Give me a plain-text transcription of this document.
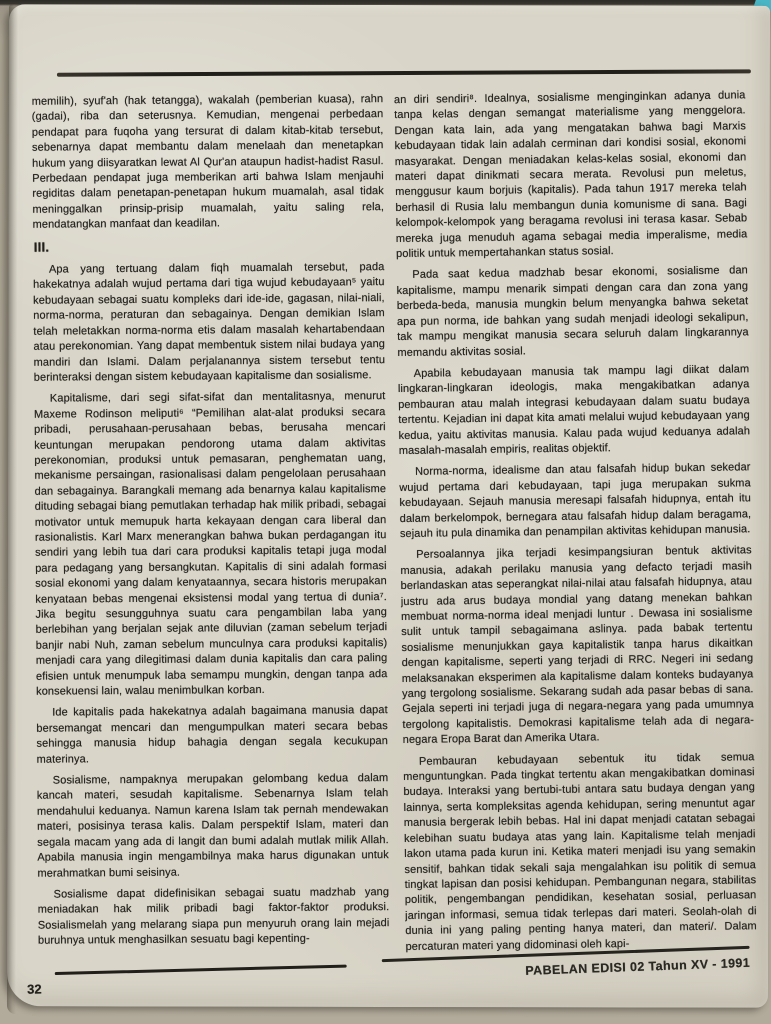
memilih), syuf'ah (hak tetangga), wakalah (pemberian kuasa), rahn (gadai), riba dan seterusnya. Kemudian, mengenai perbedaan pendapat para fuqoha yang tersurat di dalam kitab-kitab tersebut, sebenarnya dapat membantu dalam menelaah dan menetapkan hukum yang diisyaratkan lewat Al Qur'an ataupun hadist-hadist Rasul. Perbedaan pendapat juga memberikan arti bahwa Islam menjauhi regiditas dalam penetapan-penetapan hukum muamalah, asal tidak meninggalkan prinsip-prisip muamalah, yaitu saling rela, mendatangkan manfaat dan keadilan.

III.

Apa yang tertuang dalam fiqh muamalah tersebut, pada hakekatnya adalah wujud pertama dari tiga wujud kebudayaan⁵ yaitu kebudayaan sebagai suatu kompleks dari ide-ide, gagasan, nilai-niali, norma-norma, peraturan dan sebagainya. Dengan demikian Islam telah meletakkan norma-norma etis dalam masalah kehartabendaan atau perekonomian. Yang dapat membentuk sistem nilai budaya yang mandiri dan Islami. Dalam perjalanannya sistem tersebut tentu berinteraksi dengan sistem kebudayaan kapitalisme dan sosialisme.

Kapitalisme, dari segi sifat-sifat dan mentalitasnya, menurut Maxeme Rodinson meliputi⁶ “Pemilihan alat-alat produksi secara pribadi, perusahaan-perusahaan bebas, berusaha mencari keuntungan merupakan pendorong utama dalam aktivitas perekonomian, produksi untuk pemasaran, penghematan uang, mekanisme persaingan, rasionalisasi dalam pengelolaan perusahaan dan sebagainya. Barangkali memang ada benarnya kalau kapitalisme dituding sebagai biang pemutlakan terhadap hak milik pribadi, sebagai motivator untuk memupuk harta kekayaan dengan cara liberal dan rasionalistis. Karl Marx menerangkan bahwa bukan perdagangan itu sendiri yang lebih tua dari cara produksi kapitalis tetapi juga modal para pedagang yang bersangkutan. Kapitalis di sini adalah formasi sosial ekonomi yang dalam kenyataannya, secara historis merupakan kenyataan bebas mengenai eksistensi modal yang tertua di dunia⁷. Jika begitu sesungguhnya suatu cara pengambilan laba yang berlebihan yang berjalan sejak ante diluvian (zaman sebelum terjadi banjir nabi Nuh, zaman sebelum munculnya cara produksi kapitalis) menjadi cara yang dilegitimasi dalam dunia kapitalis dan cara paling efisien untuk menumpuk laba semampu mungkin, dengan tanpa ada konsekuensi lain, walau menimbulkan korban.

Ide kapitalis pada hakekatnya adalah bagaimana manusia dapat bersemangat mencari dan mengumpulkan materi secara bebas sehingga manusia hidup bahagia dengan segala kecukupan materinya.

Sosialisme, nampaknya merupakan gelombang kedua dalam kancah materi, sesudah kapitalisme. Sebenarnya Islam telah mendahului keduanya. Namun karena Islam tak pernah mendewakan materi, posisinya terasa kalis. Dalam perspektif Islam, materi dan segala macam yang ada di langit dan bumi adalah mutlak milik Allah. Apabila manusia ingin mengambilnya maka harus digunakan untuk merahmatkan bumi seisinya.

Sosialisme dapat didefinisikan sebagai suatu madzhab yang meniadakan hak milik pribadi bagi faktor-faktor produksi. Sosialismelah yang melarang siapa pun menyuruh orang lain mejadi buruhnya untuk menghasilkan sesuatu bagi kepenting-

an diri sendiri⁸. Idealnya, sosialisme menginginkan adanya dunia tanpa kelas dengan semangat materialisme yang menggelora. Dengan kata lain, ada yang mengatakan bahwa bagi Marxis kebudayaan tidak lain adalah cerminan dari kondisi sosial, ekonomi masyarakat. Dengan meniadakan kelas-kelas sosial, ekonomi dan materi dapat dinikmati secara merata. Revolusi pun meletus, menggusur kaum borjuis (kapitalis). Pada tahun 1917 mereka telah berhasil di Rusia lalu membangun dunia komunisme di sana. Bagi kelompok-kelompok yang beragama revolusi ini terasa kasar. Sebab mereka juga menuduh agama sebagai media imperalisme, media politik untuk mempertahankan status sosial.

Pada saat kedua madzhab besar ekonomi, sosialisme dan kapitalisme, mampu menarik simpati dengan cara dan zona yang berbeda-beda, manusia mungkin belum menyangka bahwa seketat apa pun norma, ide bahkan yang sudah menjadi ideologi sekalipun, tak mampu mengikat manusia secara seluruh dalam lingkarannya memandu aktivitas sosial.

Apabila kebudayaan manusia tak mampu lagi diikat dalam lingkaran-lingkaran ideologis, maka mengakibatkan adanya pembauran atau malah integrasi kebudayaan dalam suatu budaya tertentu. Kejadian ini dapat kita amati melalui wujud kebudayaan yang kedua, yaitu aktivitas manusia. Kalau pada wujud keduanya adalah masalah-masalah empiris, realitas objektif.

Norma-norma, idealisme dan atau falsafah hidup bukan sekedar wujud pertama dari kebudayaan, tapi juga merupakan sukma kebudayaan. Sejauh manusia meresapi falsafah hidupnya, entah itu dalam berkelompok, bernegara atau falsafah hidup dalam beragama, sejauh itu pula dinamika dan penampilan aktivitas kehidupan manusia.

Persoalannya jika terjadi kesimpangsiuran bentuk aktivitas manusia, adakah perilaku manusia yang defacto terjadi masih berlandaskan atas seperangkat nilai-nilai atau falsafah hidupnya, atau justru ada arus budaya mondial yang datang menekan bahkan membuat norma-norma ideal menjadi luntur . Dewasa ini sosialisme sulit untuk tampil sebagaimana aslinya. pada babak tertentu sosialisme menunjukkan gaya kapitalistik tanpa harus dikaitkan dengan kapitalisme, seperti yang terjadi di RRC. Negeri ini sedang melaksanakan eksperimen ala kapitalisme dalam konteks budayanya yang tergolong sosialisme. Sekarang sudah ada pasar bebas di sana. Gejala seperti ini terjadi juga di negara-negara yang pada umumnya tergolong kapitalistis. Demokrasi kapitalisme telah ada di negara-negara Eropa Barat dan Amerika Utara.

Pembauran kebudayaan sebentuk itu tidak semua menguntungkan. Pada tingkat tertentu akan mengakibatkan dominasi budaya. Interaksi yang bertubi-tubi antara satu budaya dengan yang lainnya, serta kompleksitas agenda kehidupan, sering menuntut agar manusia bergerak lebih bebas. Hal ini dapat menjadi catatan sebagai kelebihan suatu budaya atas yang lain. Kapitalisme telah menjadi lakon utama pada kurun ini. Ketika materi menjadi isu yang semakin sensitif, bahkan tidak sekali saja mengalahkan isu politik di semua tingkat lapisan dan posisi kehidupan. Pembangunan negara, stabilitas politik, pengembangan pendidikan, kesehatan sosial, perluasan jaringan informasi, semua tidak terlepas dari materi. Seolah-olah di dunia ini yang paling penting hanya materi, dan materi/. Dalam percaturan materi yang didominasi oleh kapi-

32
PABELAN EDISI 02 Tahun XV - 1991
